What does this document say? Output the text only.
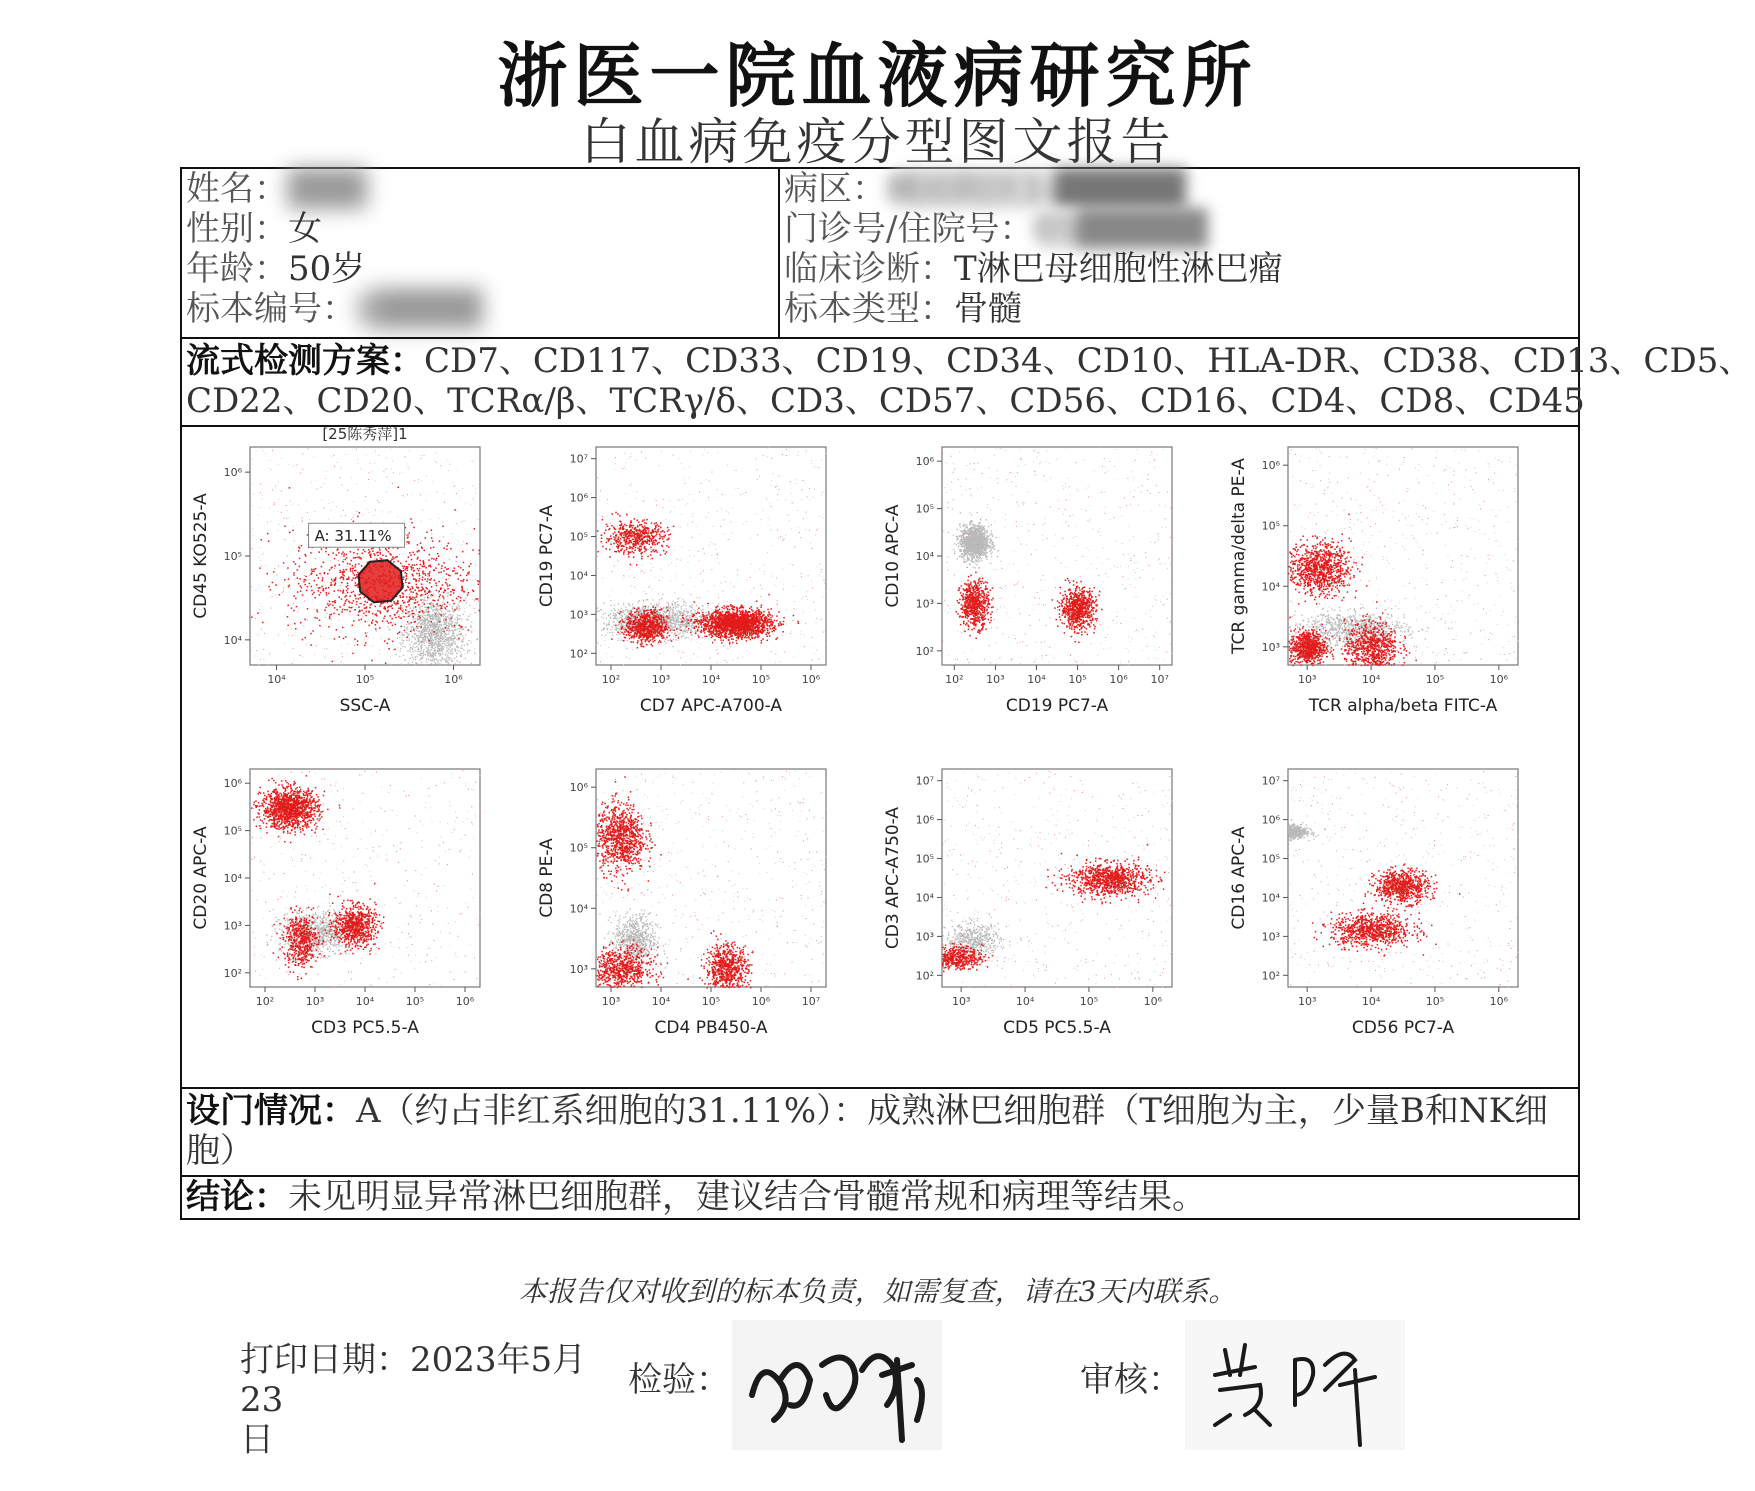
浙医一院血液病研究所
白血病免疫分型图文报告
姓名：███
性别：女
年龄：50岁
标本编号：2████
病区：城站院区1-█████
门诊号/住院号：05█████
临床诊断：T淋巴母细胞性淋巴瘤
标本类型：骨髓
流式检测方案：CD7、CD117、CD33、CD19、CD34、CD10、HLA-DR、CD38、CD13、CD5、
CD22、CD20、TCRα/β、TCRγ/δ、CD3、CD57、CD56、CD16、CD4、CD8、CD45
A: 31.11%
[25陈秀萍]1
10⁴	10⁵	10⁶
10⁴
10⁵
10⁶
SSC-A
CD45 KO525-A
10²	10³	10⁴	10⁵	10⁶
10²
10³
10⁴
10⁵
10⁶
10⁷
CD7 APC-A700-A
CD19 PC7-A
10² 10³ 10⁴ 10⁵ 10⁶ 10⁷
10²
10³
10⁴
10⁵
10⁶
CD19 PC7-A
CD10 APC-A
10³	10⁴	10⁵	10⁶
10³
10⁴
10⁵
10⁶
TCR alpha/beta FITC-A
TCR gamma/delta PE-A
10²	10³	10⁴	10⁵	10⁶
10²
10³
10⁴
10⁵
10⁶
CD3 PC5.5-A
CD20 APC-A
10³	10⁴	10⁵	10⁶	10⁷
10³
10⁴
10⁵
10⁶
CD4 PB450-A
CD8 PE-A
10³	10⁴	10⁵	10⁶
10²
10³
10⁴
10⁵
10⁶
10⁷
CD5 PC5.5-A
CD3 APC-A750-A
10³	10⁴	10⁵	10⁶
10²
10³
10⁴
10⁵
10⁶
10⁷
CD56 PC7-A
CD16 APC-A
设门情况：A（约占非红系细胞的31.11%）：成熟淋巴细胞群（T细胞为主，少量B和NK细
胞）
结论：未见明显异常淋巴细胞群，建议结合骨髓常规和病理等结果。
本报告仅对收到的标本负责，如需复查，请在3天内联系。
打印日期：2023年5月23
日
检验：	审核：
